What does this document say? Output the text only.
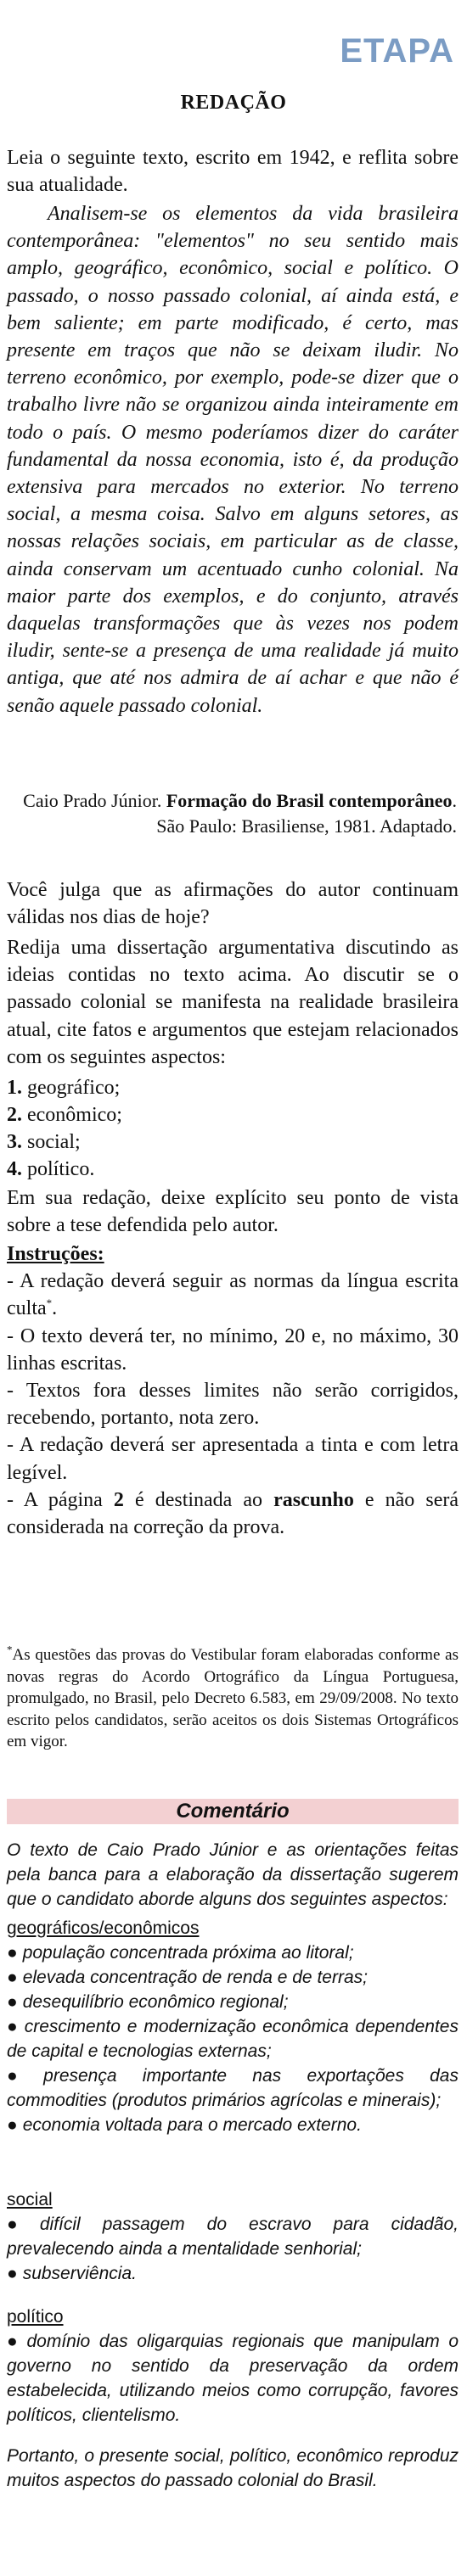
ETAPA
REDAÇÃO

Leia o seguinte texto, escrito em 1942, e reflita sobre sua atualidade.

Analisem-se os elementos da vida brasileira contemporânea: "elementos" no seu sentido mais amplo, geográfico, econômico, social e político. O passado, o nosso passado colonial, aí ainda está, e bem saliente; em parte modificado, é certo, mas presente em traços que não se deixam iludir. No terreno econômico, por exemplo, pode-se dizer que o trabalho livre não se organizou ainda inteiramente em todo o país. O mesmo poderíamos dizer do caráter fundamental da nossa economia, isto é, da produção extensiva para mercados no exterior. No terreno social, a mesma coisa. Salvo em alguns setores, as nossas relações sociais, em particular as de classe, ainda conservam um acentuado cunho colonial. Na maior parte dos exemplos, e do conjunto, através daquelas transformações que às vezes nos podem iludir, sente-se a presença de uma realidade já muito antiga, que até nos admira de aí achar e que não é senão aquele passado colonial.

Caio Prado Júnior. Formação do Brasil contemporâneo. São Paulo: Brasiliense, 1981. Adaptado.

Você julga que as afirmações do autor continuam válidas nos dias de hoje?

Redija uma dissertação argumentativa discutindo as ideias contidas no texto acima. Ao discutir se o passado colonial se manifesta na realidade brasileira atual, cite fatos e argumentos que estejam relacionados com os seguintes aspectos:

1. geográfico;
2. econômico;
3. social;
4. político.

Em sua redação, deixe explícito seu ponto de vista sobre a tese defendida pelo autor.

Instruções:
- A redação deverá seguir as normas da língua escrita culta*.
- O texto deverá ter, no mínimo, 20 e, no máximo, 30 linhas escritas.
- Textos fora desses limites não serão corrigidos, recebendo, portanto, nota zero.
- A redação deverá ser apresentada a tinta e com letra legível.
- A página 2 é destinada ao rascunho e não será considerada na correção da prova.

*As questões das provas do Vestibular foram elaboradas conforme as novas regras do Acordo Ortográfico da Língua Portuguesa, promulgado, no Brasil, pelo Decreto 6.583, em 29/09/2008. No texto escrito pelos candidatos, serão aceitos os dois Sistemas Ortográficos em vigor.

Comentário

O texto de Caio Prado Júnior e as orientações feitas pela banca para a elaboração da dissertação sugerem que o candidato aborde alguns dos seguintes aspectos:

geográficos/econômicos
● população concentrada próxima ao litoral;
● elevada concentração de renda e de terras;
● desequilíbrio econômico regional;
● crescimento e modernização econômica dependentes de capital e tecnologias externas;
● presença importante nas exportações das commodities (produtos primários agrícolas e minerais);
● economia voltada para o mercado externo.
social
● difícil passagem do escravo para cidadão, prevalecendo ainda a mentalidade senhorial;
● subserviência.
político
● domínio das oligarquias regionais que manipulam o governo no sentido da preservação da ordem estabelecida, utilizando meios como corrupção, favores políticos, clientelismo.

Portanto, o presente social, político, econômico reproduz muitos aspectos do passado colonial do Brasil.
